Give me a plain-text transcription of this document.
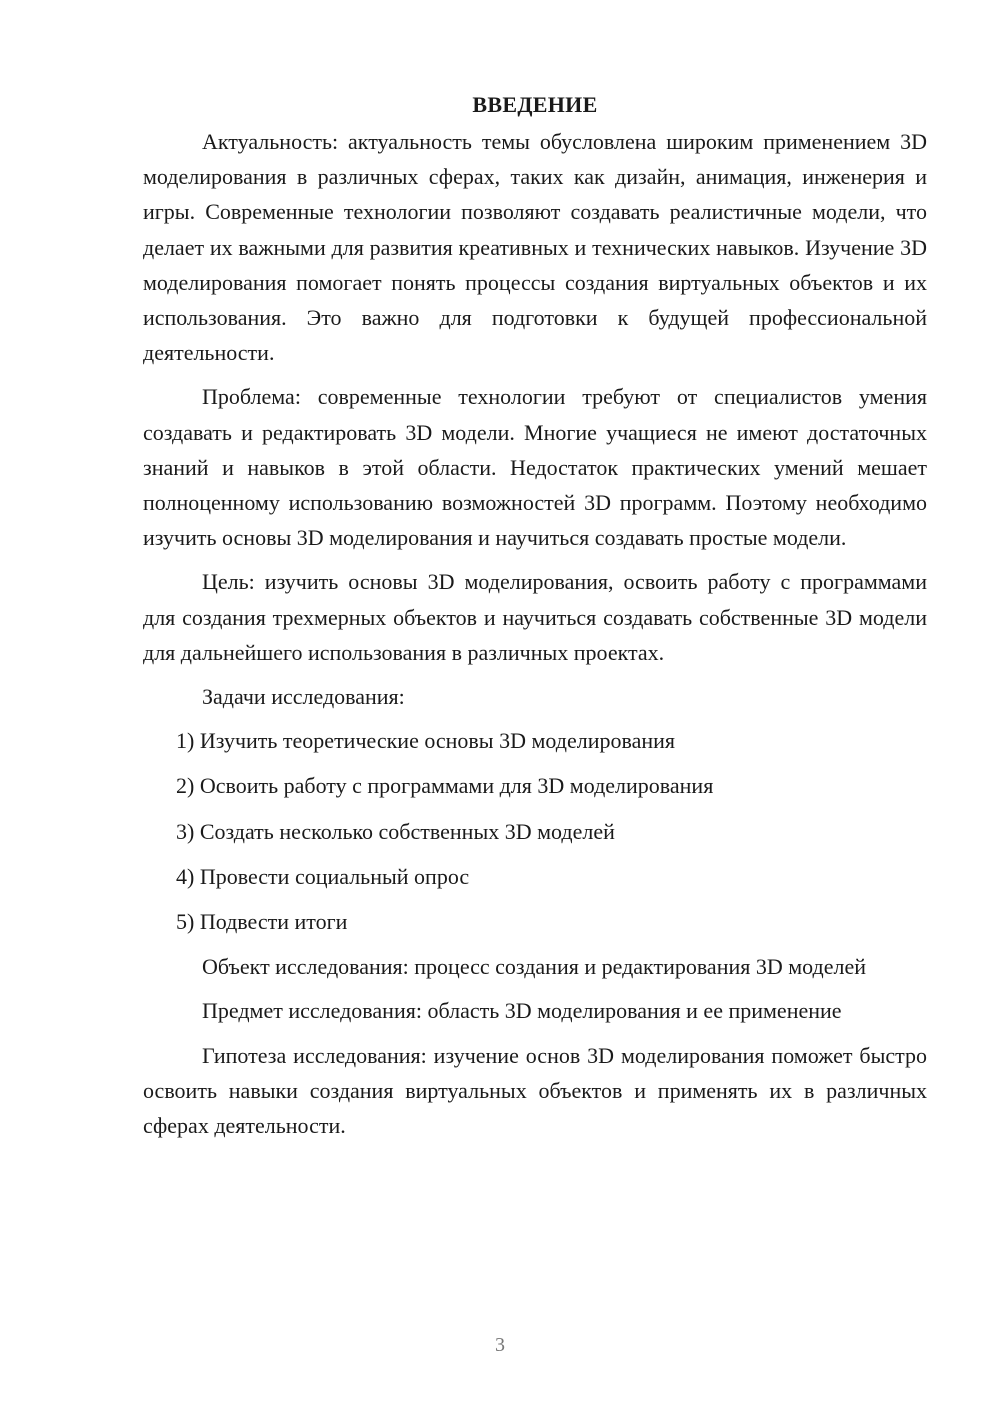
ВВЕДЕНИЕ

Актуальность: актуальность темы обусловлена широким применением 3D моделирования в различных сферах, таких как дизайн, анимация, инженерия и игры. Современные технологии позволяют создавать реалистичные модели, что делает их важными для развития креативных и технических навыков. Изучение 3D моделирования помогает понять процессы создания виртуальных объектов и их использования. Это важно для подготовки к будущей профессиональной деятельности.

Проблема: современные технологии требуют от специалистов умения создавать и редактировать 3D модели. Многие учащиеся не имеют достаточных знаний и навыков в этой области. Недостаток практических умений мешает полноценному использованию возможностей 3D программ. Поэтому необходимо изучить основы 3D моделирования и научиться создавать простые модели.

Цель: изучить основы 3D моделирования, освоить работу с программами для создания трехмерных объектов и научиться создавать собственные 3D модели для дальнейшего использования в различных проектах.

Задачи исследования:

1) Изучить теоретические основы 3D моделирования

2) Освоить работу с программами для 3D моделирования

3) Создать несколько собственных 3D моделей

4) Провести социальный опрос

5) Подвести итоги

Объект исследования: процесс создания и редактирования 3D моделей

Предмет исследования: область 3D моделирования и ее применение

Гипотеза исследования: изучение основ 3D моделирования поможет быстро освоить навыки создания виртуальных объектов и применять их в различных сферах деятельности.

3
